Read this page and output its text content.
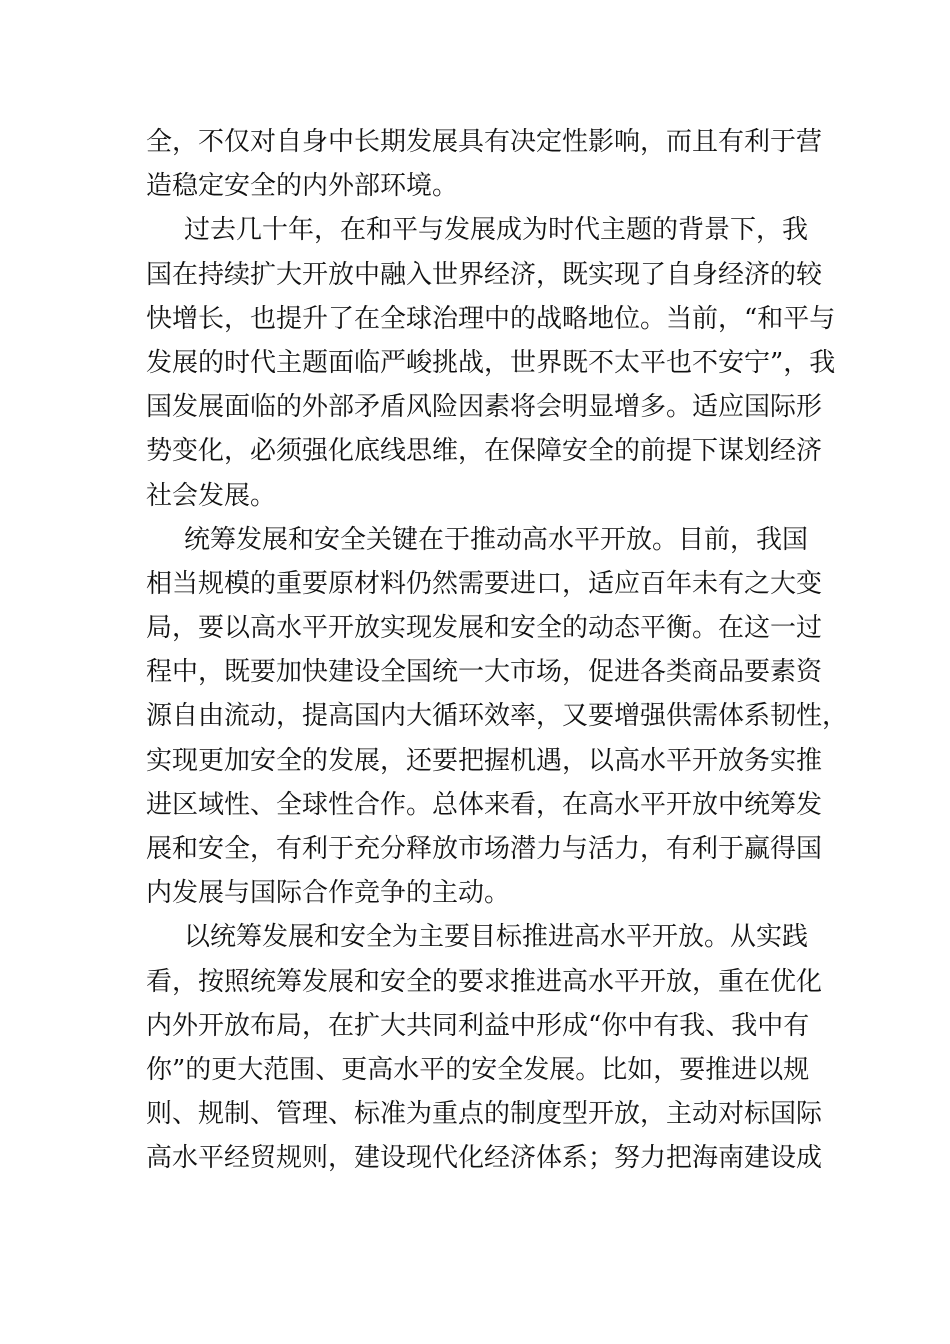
全，不仅对自身中长期发展具有决定性影响，而且有利于营
造稳定安全的内外部环境。
过去几十年，在和平与发展成为时代主题的背景下，我
国在持续扩大开放中融入世界经济，既实现了自身经济的较
快增长，也提升了在全球治理中的战略地位。当前，“和平与
发展的时代主题面临严峻挑战，世界既不太平也不安宁”，我
国发展面临的外部矛盾风险因素将会明显增多。适应国际形
势变化，必须强化底线思维，在保障安全的前提下谋划经济
社会发展。
统筹发展和安全关键在于推动高水平开放。目前，我国
相当规模的重要原材料仍然需要进口，适应百年未有之大变
局，要以高水平开放实现发展和安全的动态平衡。在这一过
程中，既要加快建设全国统一大市场，促进各类商品要素资
源自由流动，提高国内大循环效率，又要增强供需体系韧性，
实现更加安全的发展，还要把握机遇，以高水平开放务实推
进区域性、全球性合作。总体来看，在高水平开放中统筹发
展和安全，有利于充分释放市场潜力与活力，有利于赢得国
内发展与国际合作竞争的主动。
以统筹发展和安全为主要目标推进高水平开放。从实践
看，按照统筹发展和安全的要求推进高水平开放，重在优化
内外开放布局，在扩大共同利益中形成“你中有我、我中有
你”的更大范围、更高水平的安全发展。比如，要推进以规
则、规制、管理、标准为重点的制度型开放，主动对标国际
高水平经贸规则，建设现代化经济体系；努力把海南建设成
